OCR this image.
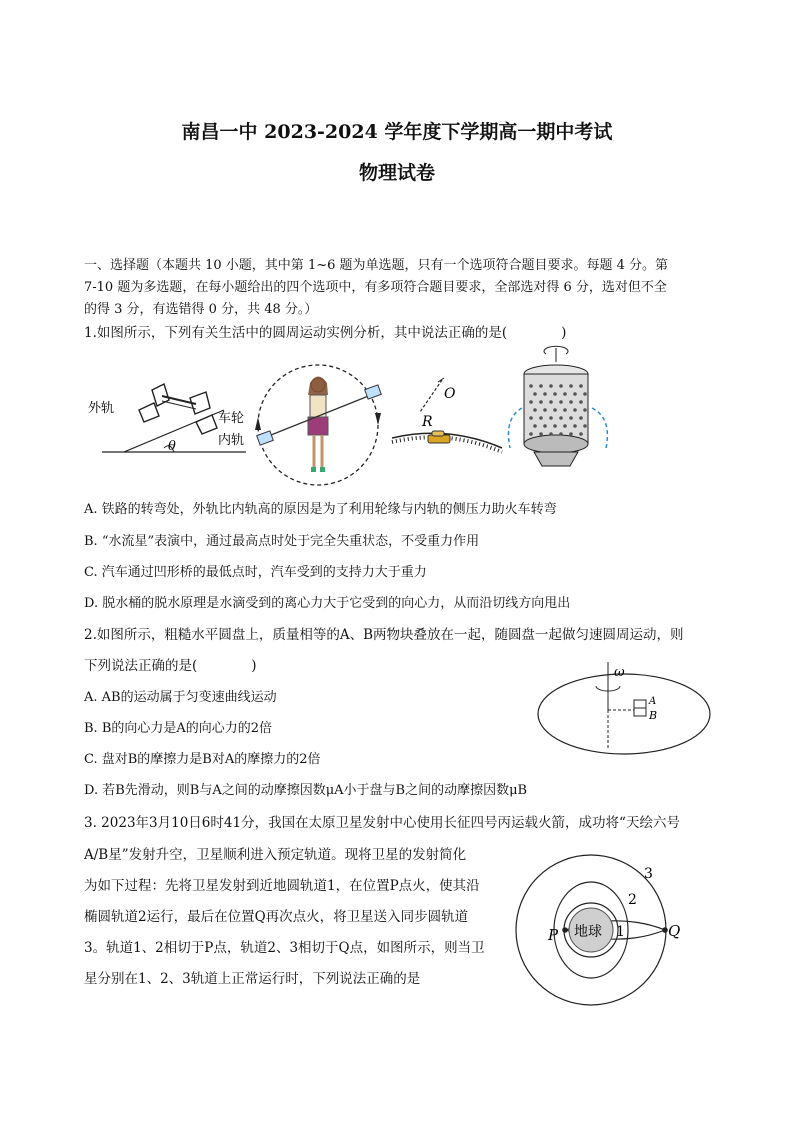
南昌一中 2023-2024 学年度下学期高一期中考试
物理试卷
一、选择题（本题共 10 小题，其中第 1~6 题为单选题，只有一个选项符合题目要求。每题 4 分。第
7-10 题为多选题，在每小题给出的四个选项中，有多项符合题目要求，全部选对得 6 分，选对但不全
的得 3 分，有选错得 0 分，共 48 分。）
1.如图所示，下列有关生活中的圆周运动实例分析，其中说法正确的是(　　　　)
外轨
车轮
内轨
θ
O
R
A. 铁路的转弯处，外轨比内轨高的原因是为了利用轮缘与内轨的侧压力助火车转弯
B. “水流星”表演中，通过最高点时处于完全失重状态，不受重力作用
C. 汽车通过凹形桥的最低点时，汽车受到的支持力大于重力
D. 脱水桶的脱水原理是水滴受到的离心力大于它受到的向心力，从而沿切线方向甩出
2.如图所示，粗糙水平圆盘上，质量相等的A、B两物块叠放在一起，随圆盘一起做匀速圆周运动，则
下列说法正确的是(　　　　)
A. AB的运动属于匀变速曲线运动
B. B的向心力是A的向心力的2倍
C. 盘对B的摩擦力是B对A的摩擦力的2倍
D. 若B先滑动，则B与A之间的动摩擦因数μA小于盘与B之间的动摩擦因数μB
ω
A
B
3. 2023年3月10日6时41分，我国在太原卫星发射中心使用长征四号丙运载火箭，成功将“天绘六号
A/B星”发射升空，卫星顺利进入预定轨道。现将卫星的发射简化
为如下过程：先将卫星发射到近地圆轨道1，在位置P点火，使其沿
椭圆轨道2运行，最后在位置Q再次点火，将卫星送入同步圆轨道
3。轨道1、2相切于P点，轨道2、3相切于Q点，如图所示，则当卫
星分别在1、2、3轨道上正常运行时，下列说法正确的是
地球
P	Q
1
2
3
